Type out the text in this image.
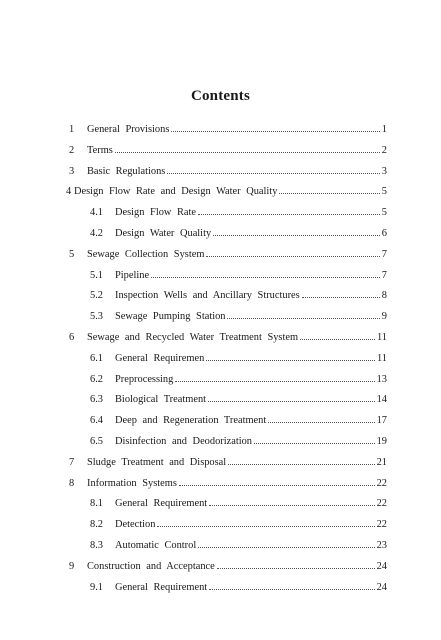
Contents
1	General Provisions	1
2	Terms	2
3	Basic Regulations	3
4 Design Flow Rate and Design Water Quality	5
4.1	Design Flow Rate	5
4.2	Design Water Quality	6
5	Sewage Collection System	7
5.1	Pipeline	7
5.2	Inspection Wells and Ancillary Structures	8
5.3	Sewage Pumping Station	9
6	Sewage and Recycled Water Treatment System	11
6.1	General Requiremen	11
6.2	Preprocessing	13
6.3	Biological Treatment	14
6.4	Deep and Regeneration Treatment	17
6.5	Disinfection and Deodorization	19
7	Sludge Treatment and Disposal	21
8	Information Systems	22
8.1	General Requirement	22
8.2	Detection	22
8.3	Automatic Control	23
9	Construction and Acceptance	24
9.1	General Requirement	24
